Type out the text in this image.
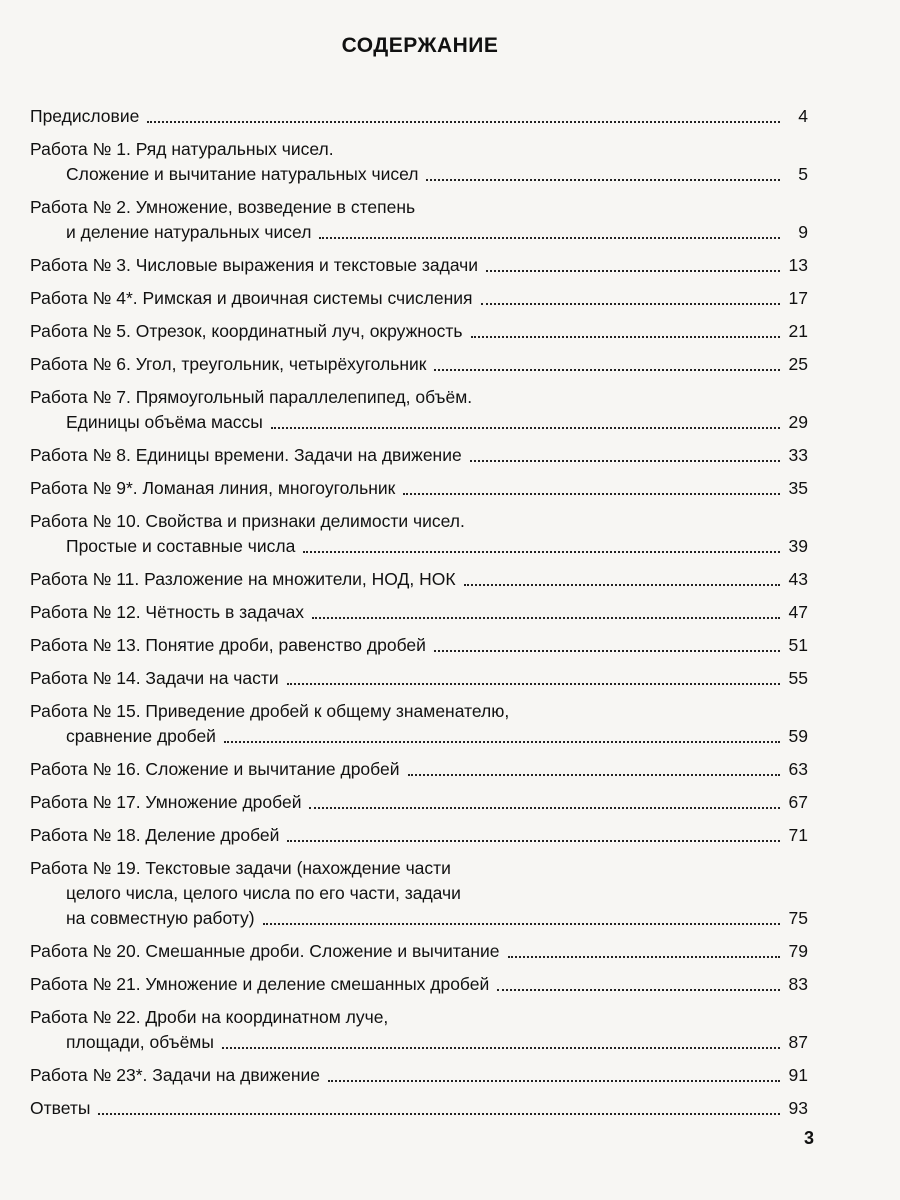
СОДЕРЖАНИЕ
Предисловие	4
Работа № 1. Ряд натуральных чисел.
Сложение и вычитание натуральных чисел	5
Работа № 2. Умножение, возведение в степень
и деление натуральных чисел	9
Работа № 3. Числовые выражения и текстовые задачи	13
Работа № 4*. Римская и двоичная системы счисления	17
Работа № 5. Отрезок, координатный луч, окружность	21
Работа № 6. Угол, треугольник, четырёхугольник	25
Работа № 7. Прямоугольный параллелепипед, объём.
Единицы объёма массы	29
Работа № 8. Единицы времени. Задачи на движение	33
Работа № 9*. Ломаная линия, многоугольник	35
Работа № 10. Свойства и признаки делимости чисел.
Простые и составные числа	39
Работа № 11. Разложение на множители, НОД, НОК	43
Работа № 12. Чётность в задачах	47
Работа № 13. Понятие дроби, равенство дробей	51
Работа № 14. Задачи на части	55
Работа № 15. Приведение дробей к общему знаменателю,
сравнение дробей	59
Работа № 16. Сложение и вычитание дробей	63
Работа № 17. Умножение дробей	67
Работа № 18. Деление дробей	71
Работа № 19. Текстовые задачи (нахождение части
целого числа, целого числа по его части, задачи
на совместную работу)	75
Работа № 20. Смешанные дроби. Сложение и вычитание	79
Работа № 21. Умножение и деление смешанных дробей	83
Работа № 22. Дроби на координатном луче,
площади, объёмы	87
Работа № 23*. Задачи на движение	91
Ответы	93
3
